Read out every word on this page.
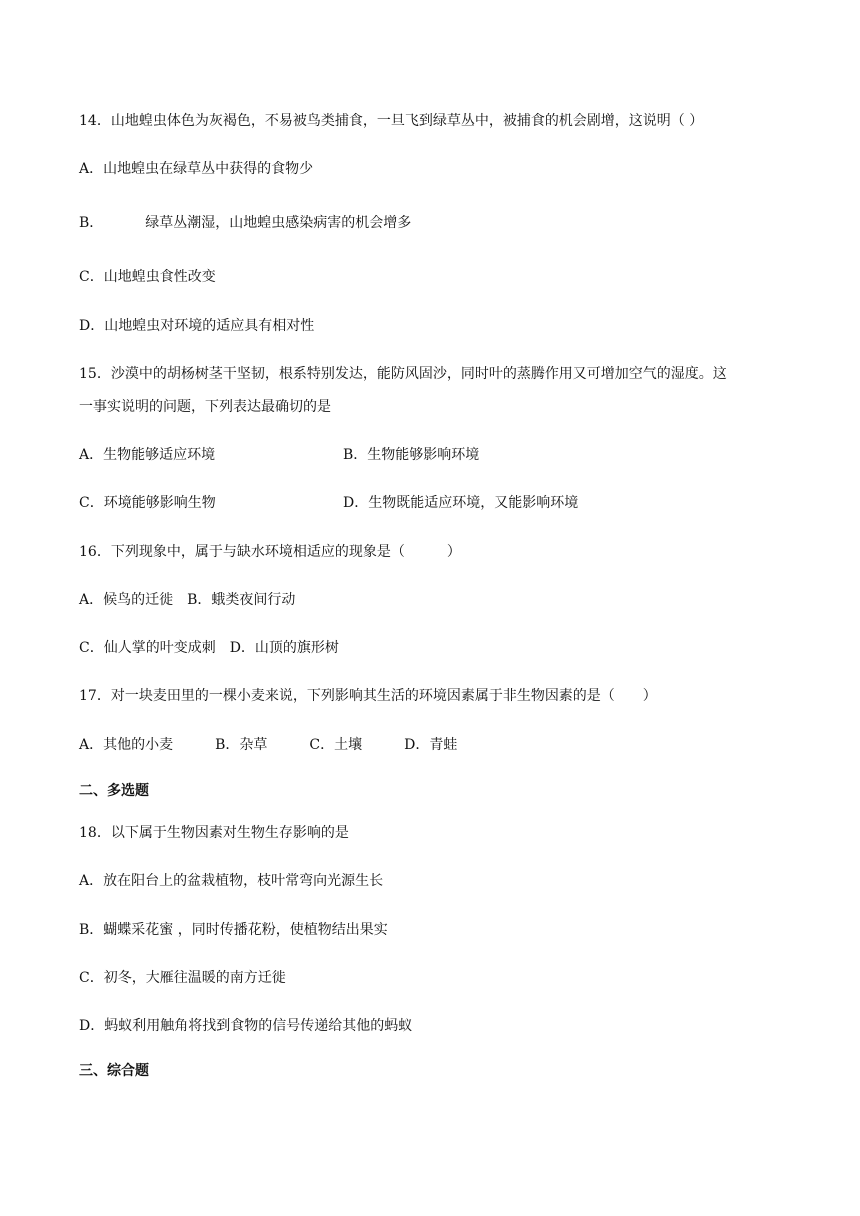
14．山地蝗虫体色为灰褐色，不易被鸟类捕食，一旦飞到绿草丛中，被捕食的机会剧增，这说明（ ）
A．山地蝗虫在绿草丛中获得的食物少
B．	绿草丛潮湿，山地蝗虫感染病害的机会增多
C．山地蝗虫食性改变
D．山地蝗虫对环境的适应具有相对性
15．沙漠中的胡杨树茎干坚韧，根系特别发达，能防风固沙，同时叶的蒸腾作用又可增加空气的湿度。这
一事实说明的问题，下列表达最确切的是
A．生物能够适应环境	B．生物能够影响环境
C．环境能够影响生物	D．生物既能适应环境，又能影响环境
16．下列现象中，属于与缺水环境相适应的现象是（　　　）
A．候鸟的迁徙　B．蛾类夜间行动
C．仙人掌的叶变成刺　D．山顶的旗形树
17．对一块麦田里的一棵小麦来说，下列影响其生活的环境因素属于非生物因素的是（　　）
A．其他的小麦　　　B．杂草　　　C．土壤　　　D．青蛙
二、多选题
18．以下属于生物因素对生物生存影响的是
A．放在阳台上的盆栽植物，枝叶常弯向光源生长
B．蝴蝶采花蜜 ，同时传播花粉，使植物结出果实
C．初冬，大雁往温暖的南方迁徙
D．蚂蚁利用触角将找到食物的信号传递给其他的蚂蚁
三、综合题
